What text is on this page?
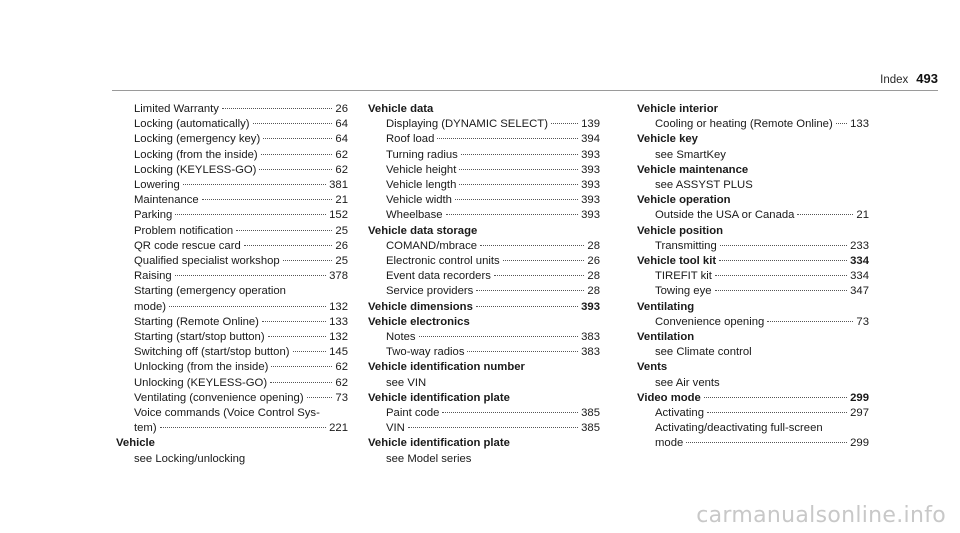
Index 493
Limited Warranty	26
Locking (automatically)	64
Locking (emergency key)	64
Locking (from the inside)	62
Locking (KEYLESS-GO)	62
Lowering	381
Maintenance	21
Parking	152
Problem notification	25
QR code rescue card	26
Qualified specialist workshop	25
Raising	378
Starting (emergency operation
mode)	132
Starting (Remote Online)	133
Starting (start/stop button)	132
Switching off (start/stop button)	145
Unlocking (from the inside)	62
Unlocking (KEYLESS-GO)	62
Ventilating (convenience opening)	73
Voice commands (Voice Control Sys-
tem)	221
Vehicle
see Locking/unlocking
Vehicle data
Displaying (DYNAMIC SELECT)	139
Roof load	394
Turning radius	393
Vehicle height	393
Vehicle length	393
Vehicle width	393
Wheelbase	393
Vehicle data storage
COMAND/mbrace	28
Electronic control units	26
Event data recorders	28
Service providers	28
Vehicle dimensions	393
Vehicle electronics
Notes	383
Two-way radios	383
Vehicle identification number
see VIN
Vehicle identification plate
Paint code	385
VIN	385
Vehicle identification plate
see Model series
Vehicle interior
Cooling or heating (Remote Online) 133
Vehicle key
see SmartKey
Vehicle maintenance
see ASSYST PLUS
Vehicle operation
Outside the USA or Canada	21
Vehicle position
Transmitting	233
Vehicle tool kit	334
TIREFIT kit	334
Towing eye	347
Ventilating
Convenience opening	73
Ventilation
see Climate control
Vents
see Air vents
Video mode	299
Activating	297
Activating/deactivating full-screen
mode	299
carmanualsonline.info
